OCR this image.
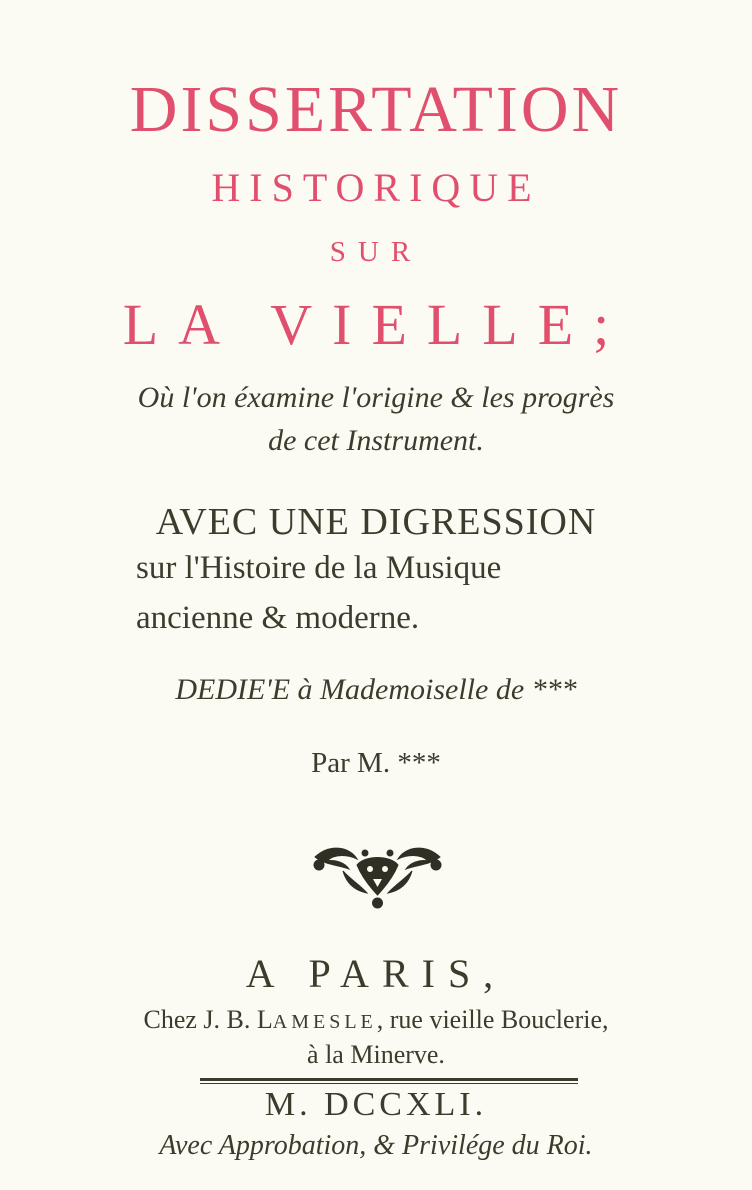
DISSERTATION
HISTORIQUE
SUR
LA VIELLE;
Où l'on éxamine l'origine & les progrès
de cet Instrument.
AVEC UNE DIGRESSION
sur l'Histoire de la Musique
ancienne & moderne.
DEDIE'E à Mademoiselle de ***
Par M. ***
A PARIS,
Chez J. B. LAMESLE, rue vieille Bouclerie,
à la Minerve.
M. DCCXLI.
Avec Approbation, & Privilége du Roi.
